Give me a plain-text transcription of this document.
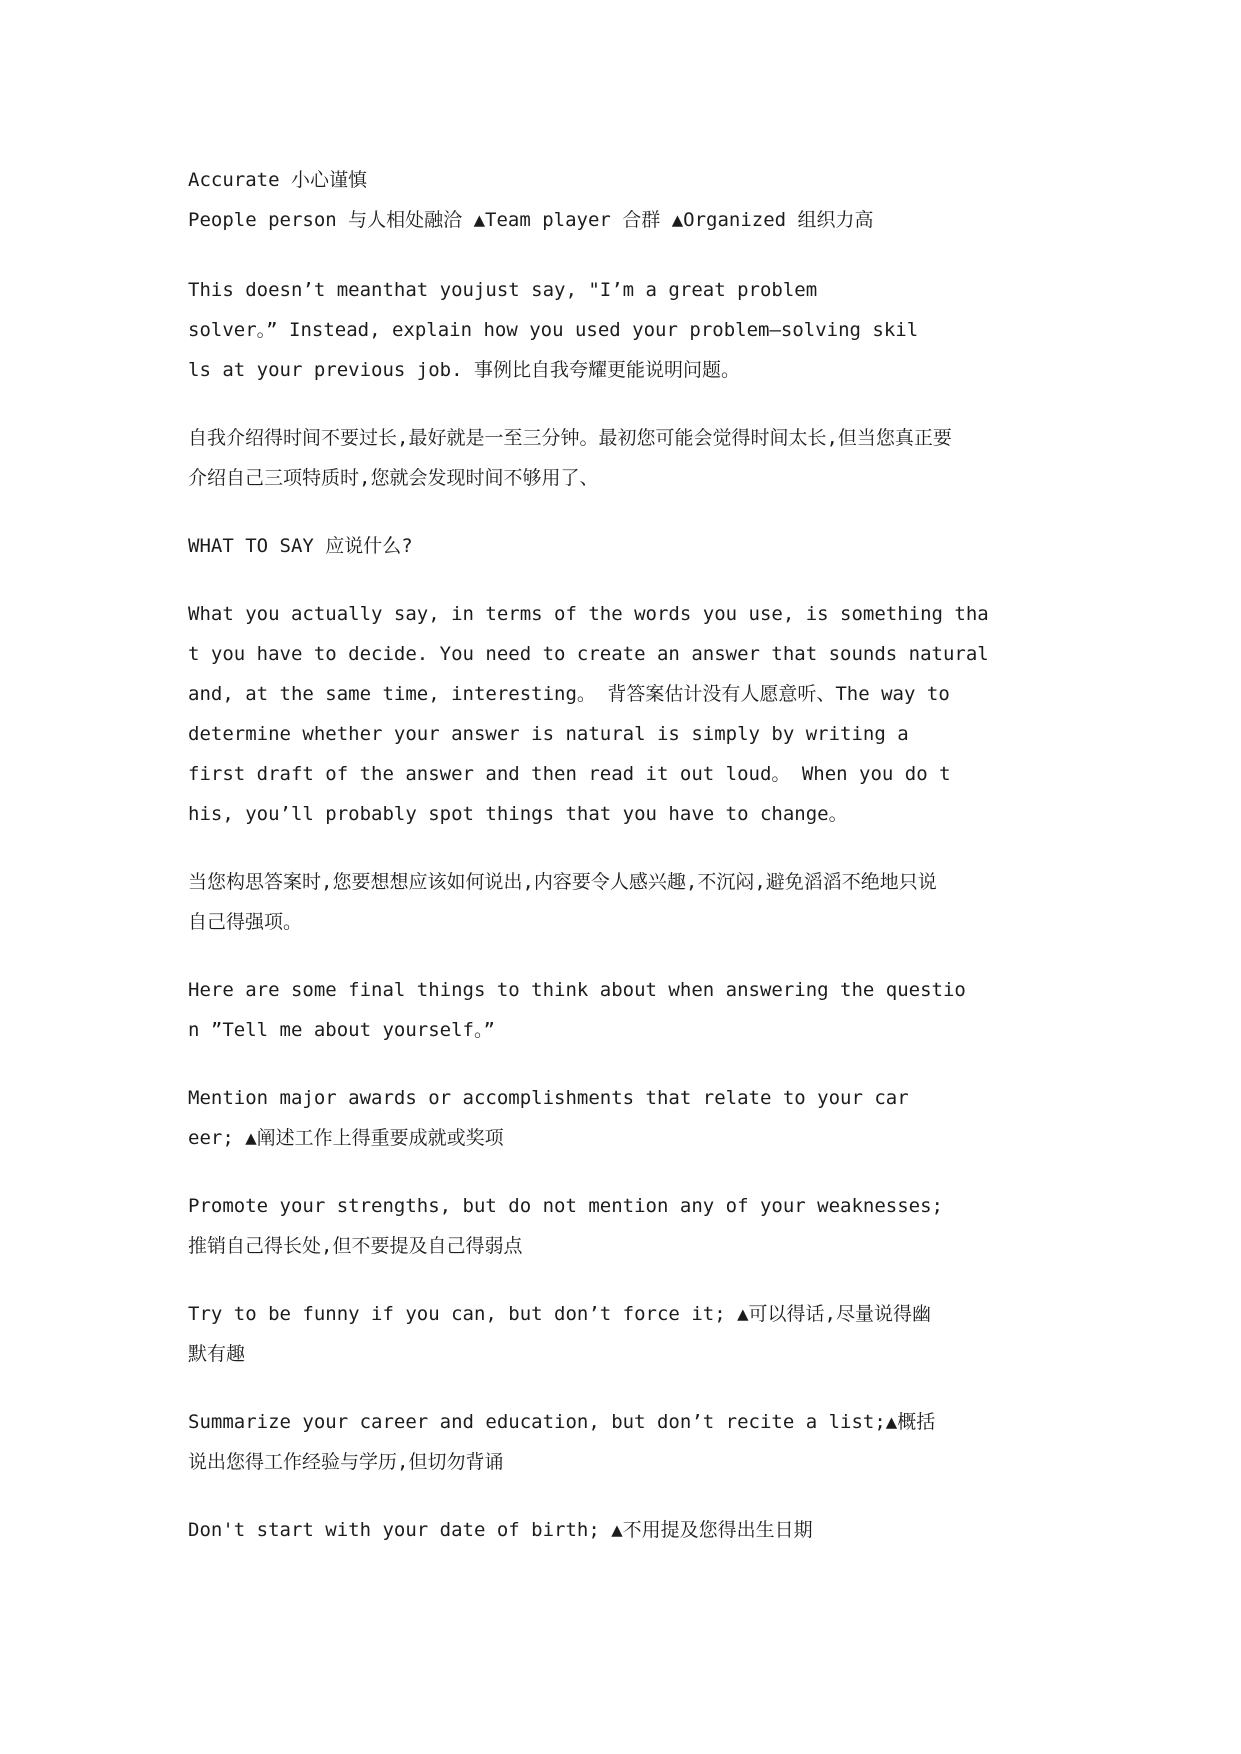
Accurate 小心谨慎
People person 与人相处融洽 ▲Team player 合群 ▲Organized 组织力高
This doesn’t meanthat youjust say, "I’m a great problem
solver。” Instead, explain how you used your problem—solving skil
ls at your previous job. 事例比自我夸耀更能说明问题。
自我介绍得时间不要过长,最好就是一至三分钟。最初您可能会觉得时间太长,但当您真正要
介绍自己三项特质时,您就会发现时间不够用了、
WHAT TO SAY 应说什么?
What you actually say, in terms of the words you use, is something tha
t you have to decide. You need to create an answer that sounds natural
and, at the same time, interesting。 背答案估计没有人愿意听、The way to
determine whether your answer is natural is simply by writing a
first draft of the answer and then read it out loud。 When you do t
his, you’ll probably spot things that you have to change。
当您构思答案时,您要想想应该如何说出,内容要令人感兴趣,不沉闷,避免滔滔不绝地只说
自己得强项。
Here are some final things to think about when answering the questio
n ”Tell me about yourself。”
Mention major awards or accomplishments that relate to your car
eer; ▲阐述工作上得重要成就或奖项
Promote your strengths, but do not mention any of your weaknesses;
推销自己得长处,但不要提及自己得弱点
Try to be funny if you can, but don’t force it; ▲可以得话,尽量说得幽
默有趣
Summarize your career and education, but don’t recite a list;▲概括
说出您得工作经验与学历,但切勿背诵
Don't start with your date of birth; ▲不用提及您得出生日期
